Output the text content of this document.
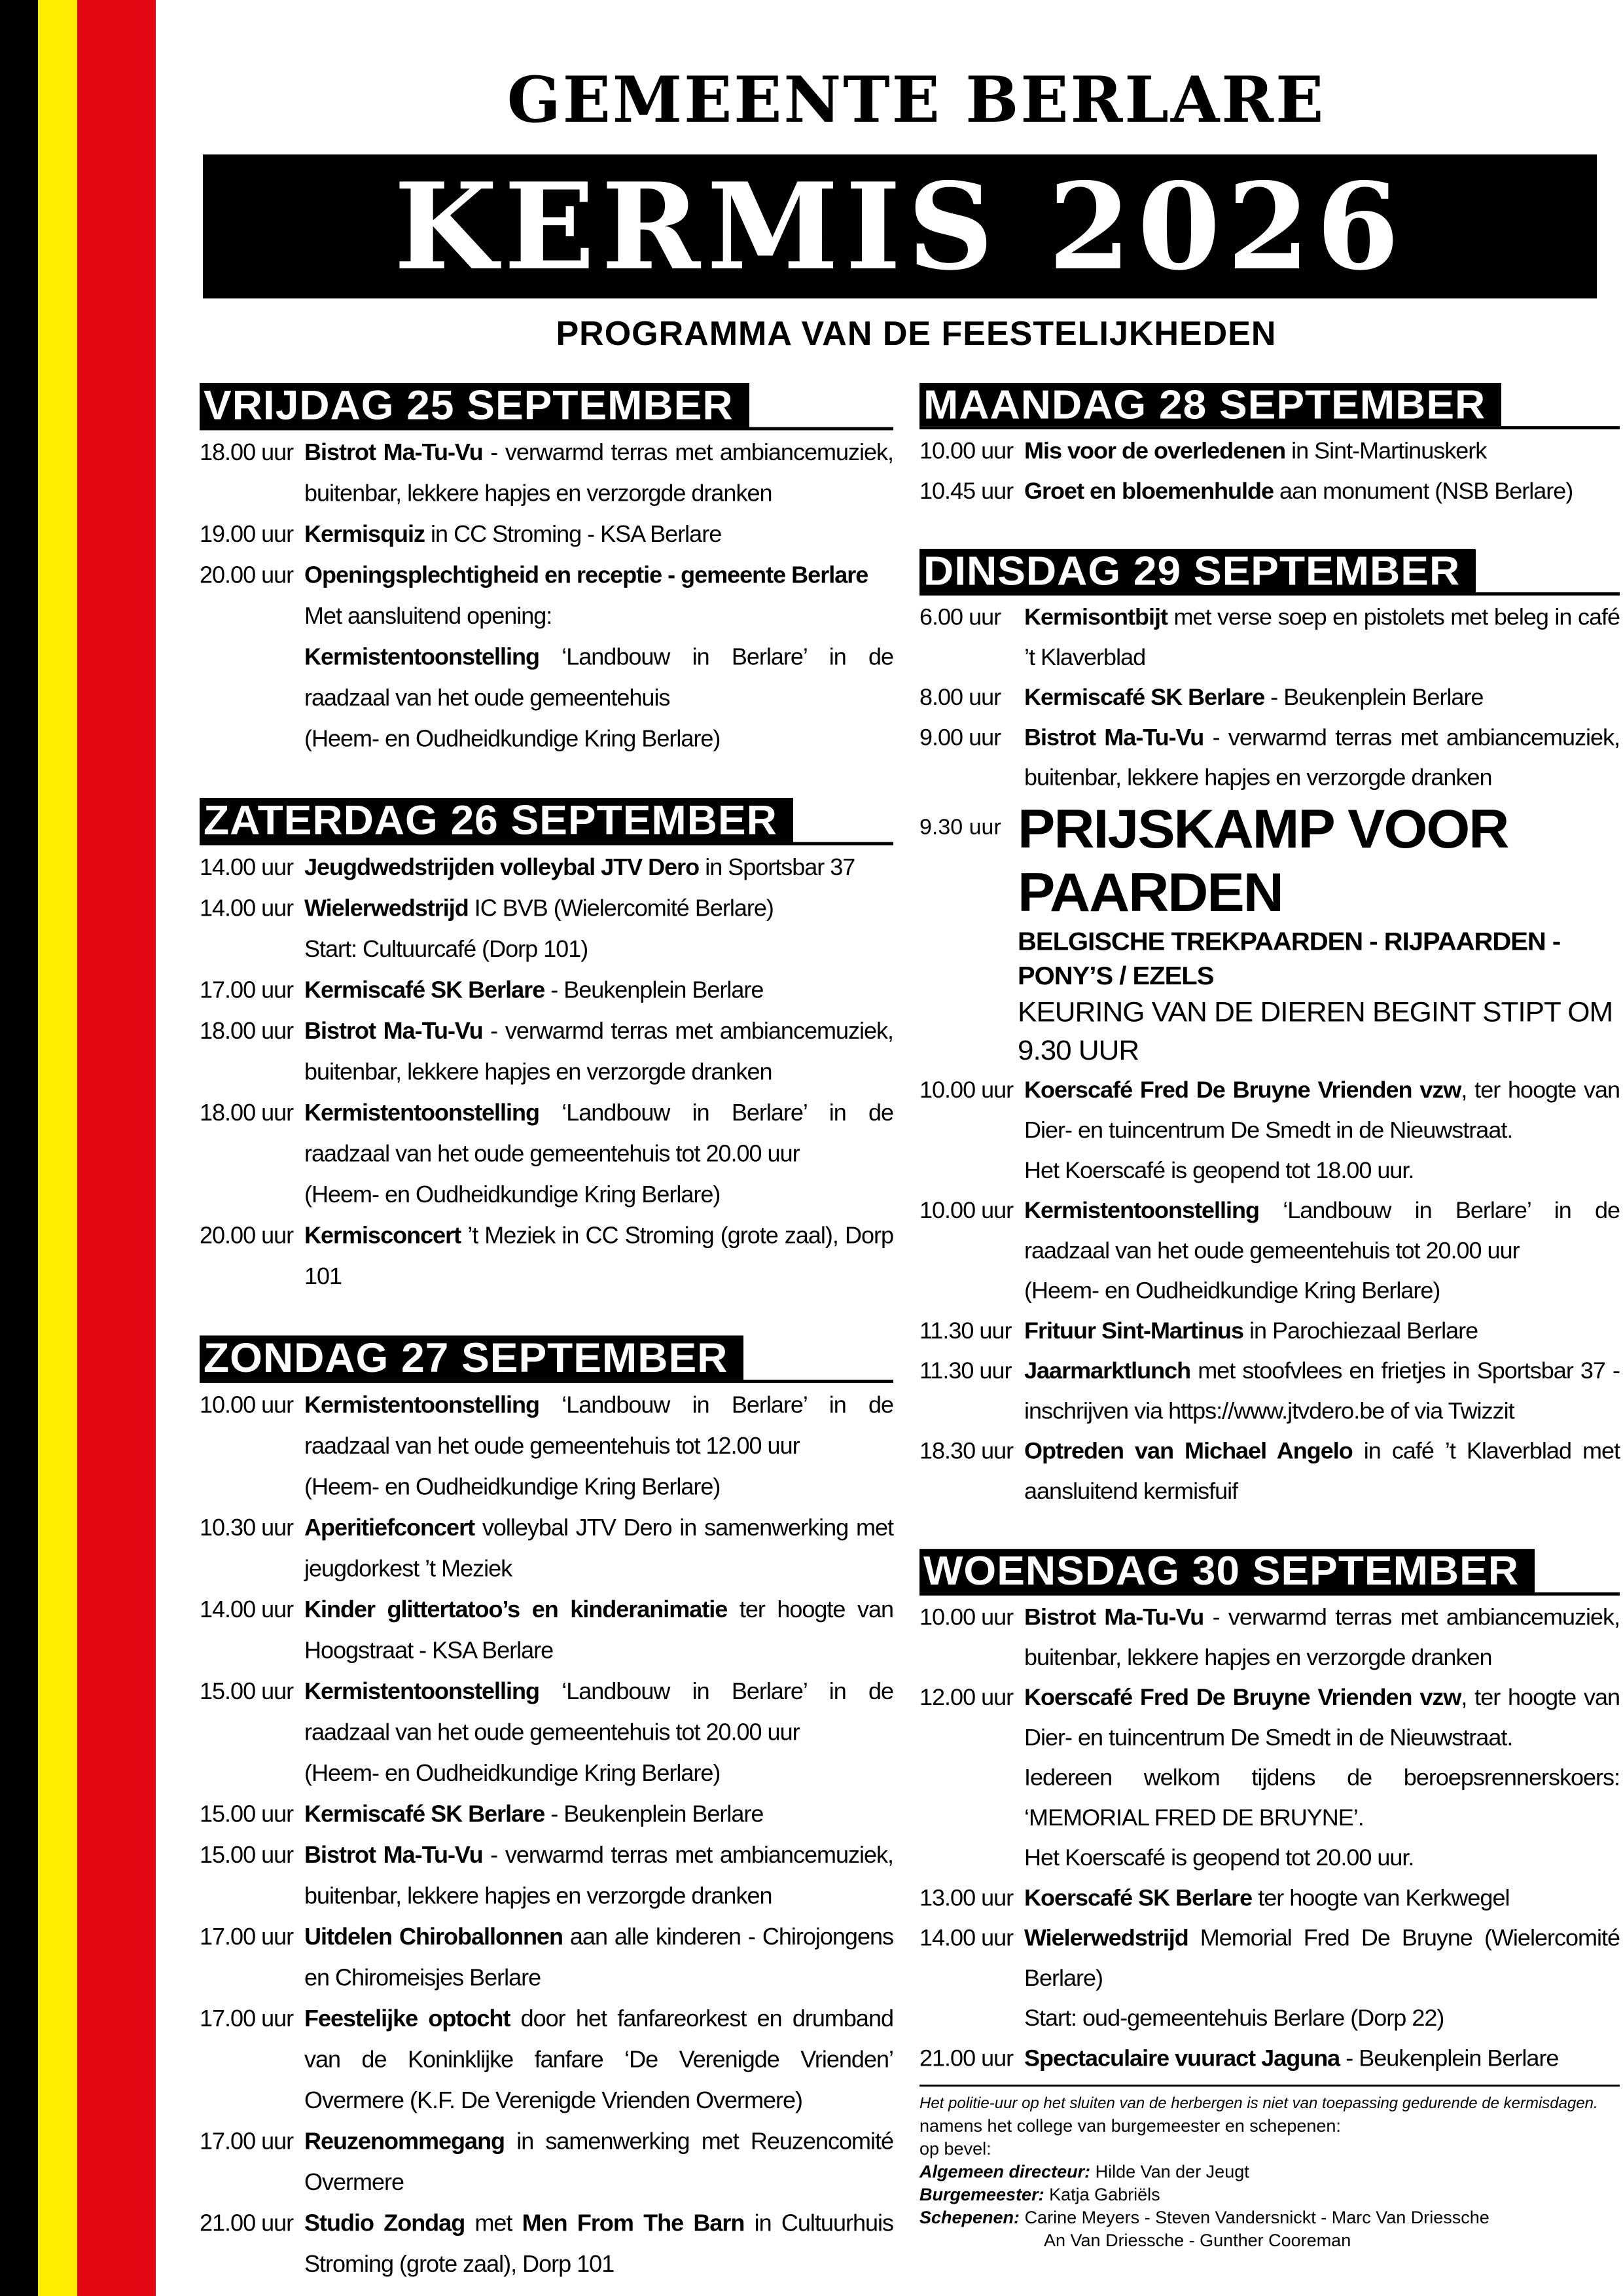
GEMEENTE BERLARE
KERMIS 2026
PROGRAMMA VAN DE FEESTELIJKHEDEN
VRIJDAG 25 SEPTEMBER
18.00 uur Bistrot Ma-Tu-Vu - verwarmd terras met ambiancemuziek, buitenbar, lekkere hapjes en verzorgde dranken
19.00 uur Kermisquiz in CC Stroming - KSA Berlare
20.00 uur Openingsplechtigheid en receptie - gemeente Berlare
Met aansluitend opening:
Kermistentoonstelling ‘Landbouw in Berlare’ in de raadzaal van het oude gemeentehuis
(Heem- en Oudheidkundige Kring Berlare)
ZATERDAG 26 SEPTEMBER
14.00 uur Jeugdwedstrijden volleybal JTV Dero in Sportsbar 37
14.00 uur Wielerwedstrijd IC BVB (Wielercomité Berlare)
Start: Cultuurcafé (Dorp 101)
17.00 uur Kermiscafé SK Berlare - Beukenplein Berlare
18.00 uur Bistrot Ma-Tu-Vu - verwarmd terras met ambiancemuziek, buitenbar, lekkere hapjes en verzorgde dranken
18.00 uur Kermistentoonstelling ‘Landbouw in Berlare’ in de raadzaal van het oude gemeentehuis tot 20.00 uur
(Heem- en Oudheidkundige Kring Berlare)
20.00 uur Kermisconcert ’t Meziek in CC Stroming (grote zaal), Dorp 101
ZONDAG 27 SEPTEMBER
10.00 uur Kermistentoonstelling ‘Landbouw in Berlare’ in de raadzaal van het oude gemeentehuis tot 12.00 uur
(Heem- en Oudheidkundige Kring Berlare)
10.30 uur Aperitiefconcert volleybal JTV Dero in samenwerking met jeugdorkest ’t Meziek
14.00 uur Kinder glittertatoo’s en kinderanimatie ter hoogte van Hoogstraat - KSA Berlare
15.00 uur Kermistentoonstelling ‘Landbouw in Berlare’ in de raadzaal van het oude gemeentehuis tot 20.00 uur
(Heem- en Oudheidkundige Kring Berlare)
15.00 uur Kermiscafé SK Berlare - Beukenplein Berlare
15.00 uur Bistrot Ma-Tu-Vu - verwarmd terras met ambiancemuziek, buitenbar, lekkere hapjes en verzorgde dranken
17.00 uur Uitdelen Chiroballonnen aan alle kinderen - Chirojongens en Chiromeisjes Berlare
17.00 uur Feestelijke optocht door het fanfareorkest en drumband van de Koninklijke fanfare ‘De Verenigde Vrienden’ Overmere (K.F. De Verenigde Vrienden Overmere)
17.00 uur Reuzenommegang in samenwerking met Reuzencomité Overmere
21.00 uur Studio Zondag met Men From The Barn in Cultuurhuis Stroming (grote zaal), Dorp 101
MAANDAG 28 SEPTEMBER
10.00 uur Mis voor de overledenen in Sint-Martinuskerk
10.45 uur Groet en bloemenhulde aan monument (NSB Berlare)
DINSDAG 29 SEPTEMBER
6.00 uur Kermisontbijt met verse soep en pistolets met beleg in café ’t Klaverblad
8.00 uur Kermiscafé SK Berlare - Beukenplein Berlare
9.00 uur Bistrot Ma-Tu-Vu - verwarmd terras met ambiancemuziek, buitenbar, lekkere hapjes en verzorgde dranken
9.30 uur PRIJSKAMP VOOR PAARDEN
BELGISCHE TREKPAARDEN - RIJPAARDEN - PONY’S / EZELS
KEURING VAN DE DIEREN BEGINT STIPT OM 9.30 UUR
10.00 uur Koerscafé Fred De Bruyne Vrienden vzw, ter hoogte van Dier- en tuincentrum De Smedt in de Nieuwstraat.
Het Koerscafé is geopend tot 18.00 uur.
10.00 uur Kermistentoonstelling ‘Landbouw in Berlare’ in de raadzaal van het oude gemeentehuis tot 20.00 uur
(Heem- en Oudheidkundige Kring Berlare)
11.30 uur Frituur Sint-Martinus in Parochiezaal Berlare
11.30 uur Jaarmarktlunch met stoofvlees en frietjes in Sportsbar 37 - inschrijven via https://www.jtvdero.be of via Twizzit
18.30 uur Optreden van Michael Angelo in café ’t Klaverblad met aansluitend kermisfuif
WOENSDAG 30 SEPTEMBER
10.00 uur Bistrot Ma-Tu-Vu - verwarmd terras met ambiancemuziek, buitenbar, lekkere hapjes en verzorgde dranken
12.00 uur Koerscafé Fred De Bruyne Vrienden vzw, ter hoogte van Dier- en tuincentrum De Smedt in de Nieuwstraat.
Iedereen welkom tijdens de beroepsrennerskoers: ‘MEMORIAL FRED DE BRUYNE’.
Het Koerscafé is geopend tot 20.00 uur.
13.00 uur Koerscafé SK Berlare ter hoogte van Kerkwegel
14.00 uur Wielerwedstrijd Memorial Fred De Bruyne (Wielercomité Berlare)
Start: oud-gemeentehuis Berlare (Dorp 22)
21.00 uur Spectaculaire vuuract Jaguna - Beukenplein Berlare
Het politie-uur op het sluiten van de herbergen is niet van toepassing gedurende de kermisdagen.
namens het college van burgemeester en schepenen:
op bevel:
Algemeen directeur: Hilde Van der Jeugt
Burgemeester: Katja Gabriëls
Schepenen: Carine Meyers - Steven Vandersnickt - Marc Van Driessche
An Van Driessche - Gunther Cooreman
